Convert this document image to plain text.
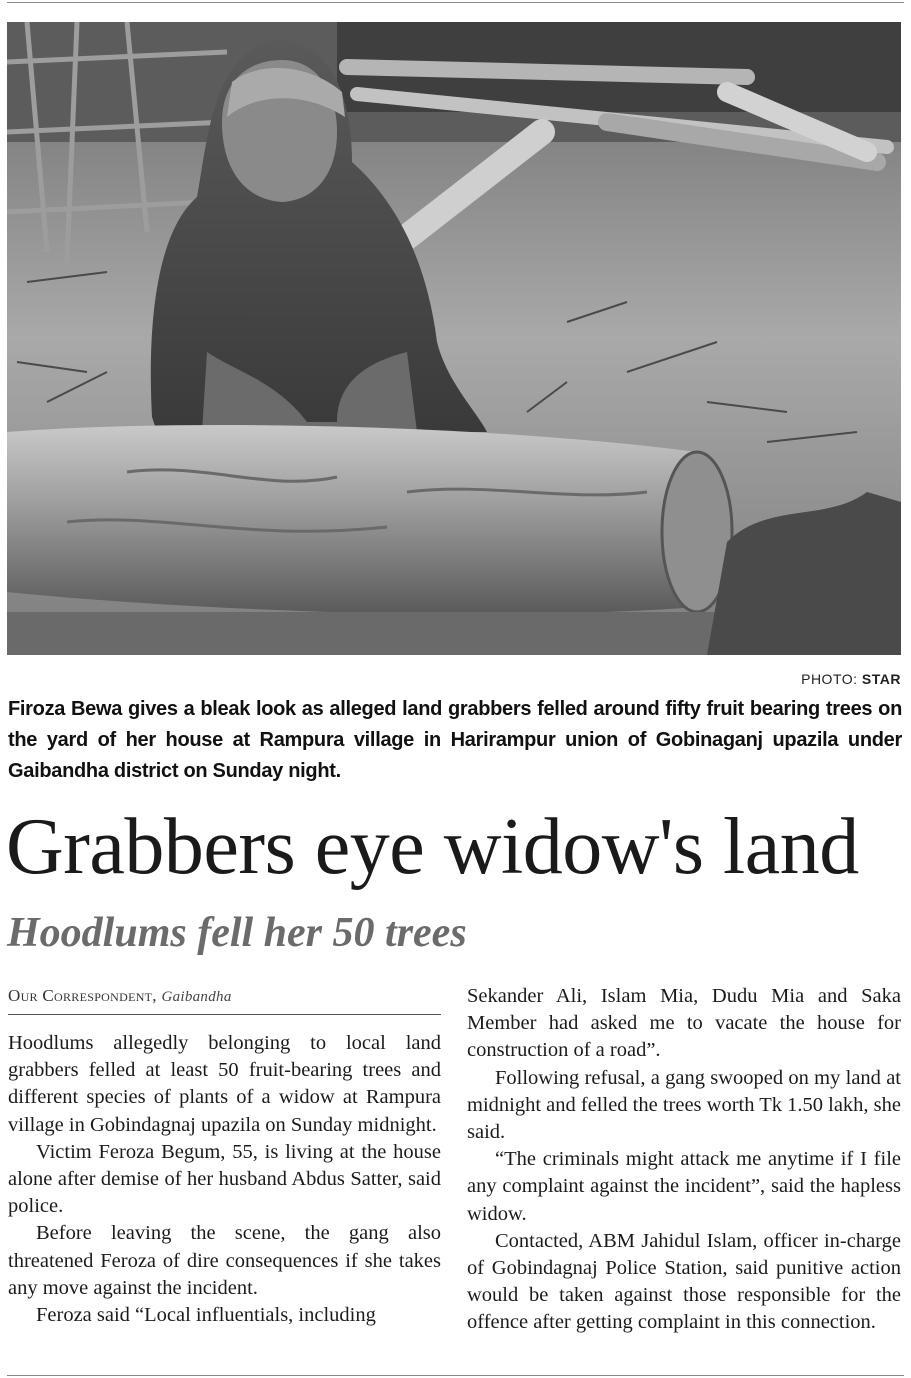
PHOTO: STAR
Firoza Bewa gives a bleak look as alleged land grabbers felled around fifty fruit bearing trees on the yard of her house at Rampura village in Harirampur union of Gobinaganj upazila under Gaibandha district on Sunday night.
Grabbers eye widow's land
Hoodlums fell her 50 trees
Our Correspondent, Gaibandha

Hoodlums allegedly belonging to local land grabbers felled at least 50 fruit-bearing trees and different species of plants of a widow at Rampura village in Gobindagnaj upazila on Sunday midnight.

Victim Feroza Begum, 55, is living at the house alone after demise of her husband Abdus Satter, said police.

Before leaving the scene, the gang also threatened Feroza of dire consequences if she takes any move against the incident.

Feroza said “Local influentials, including

Sekander Ali, Islam Mia, Dudu Mia and Saka Member had asked me to vacate the house for construction of a road”.

Following refusal, a gang swooped on my land at midnight and felled the trees worth Tk 1.50 lakh, she said.

“The criminals might attack me anytime if I file any complaint against the incident”, said the hapless widow.

Contacted, ABM Jahidul Islam, officer in-charge of Gobindagnaj Police Station, said punitive action would be taken against those responsible for the offence after getting complaint in this connection.
